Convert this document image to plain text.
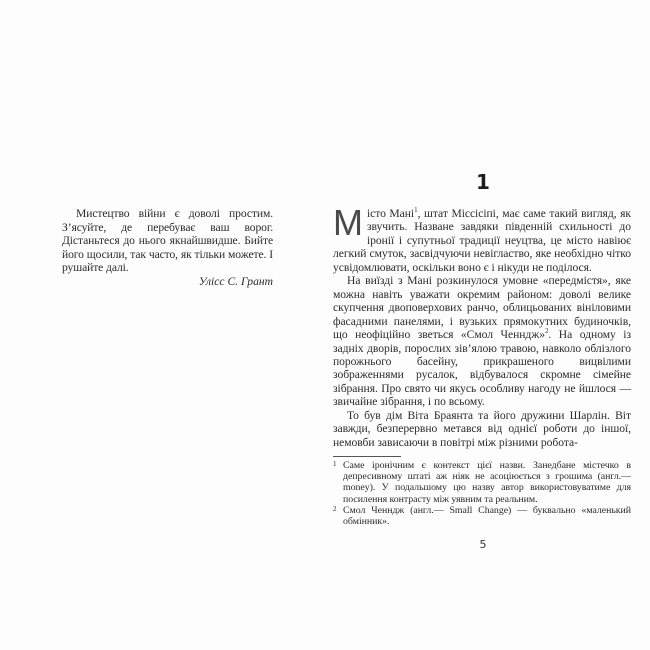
Мистецтво війни є доволі простим. З’ясуйте, де перебуває ваш ворог. Дістаньтеся до нього якнайшвидше. Бийте його щосили, так часто, як тільки можете. І рушайте далі.
Улісс С. Грант
1

Місто Мані$^1$, штат Міссісіпі, має саме такий вигляд, як звучить. Назване завдяки південній схильності до іронії і супутньої традиції неуцтва, це місто навіює легкий смуток, засвідчуючи невігластво, яке необхідно чітко усвідомлювати, оскільки воно є і нікуди не поділося.

На виїзді з Мані розкинулося умовне «передмістя», яке можна навіть уважати окремим районом: доволі велике скупчення двоповерхових ранчо, облицьованих вініловими фасадними панелями, і вузьких прямокутних будиночків, що неофіційно зветься «Смол Ченндж»$^2$. На одному із задніх дворів, порослих зів’ялою травою, навколо облізлого порожнього басейну, прикрашеного вицвілими зображеннями русалок, відбувалося скромне сімейне зібрання. Про свято чи якусь особливу нагоду не йшлося — звичайне зібрання, і по всьому.

То був дім Віта Браянта та його дружини Шарлін. Віт завжди, безперервно метався від однієї роботи до іншої, немовби зависаючи в повітрі між різними робота-

1 Саме іронічним є контекст цієї назви. Занедбане містечко в депресивному штаті аж ніяк не асоціюється з грошима (англ.— money). У подальшому цю назву автор використовуватиме для посилення контрасту між уявним та реальним.

2 Смол Ченндж (англ.— Small Change) — буквально «маленький обмінник».

5
